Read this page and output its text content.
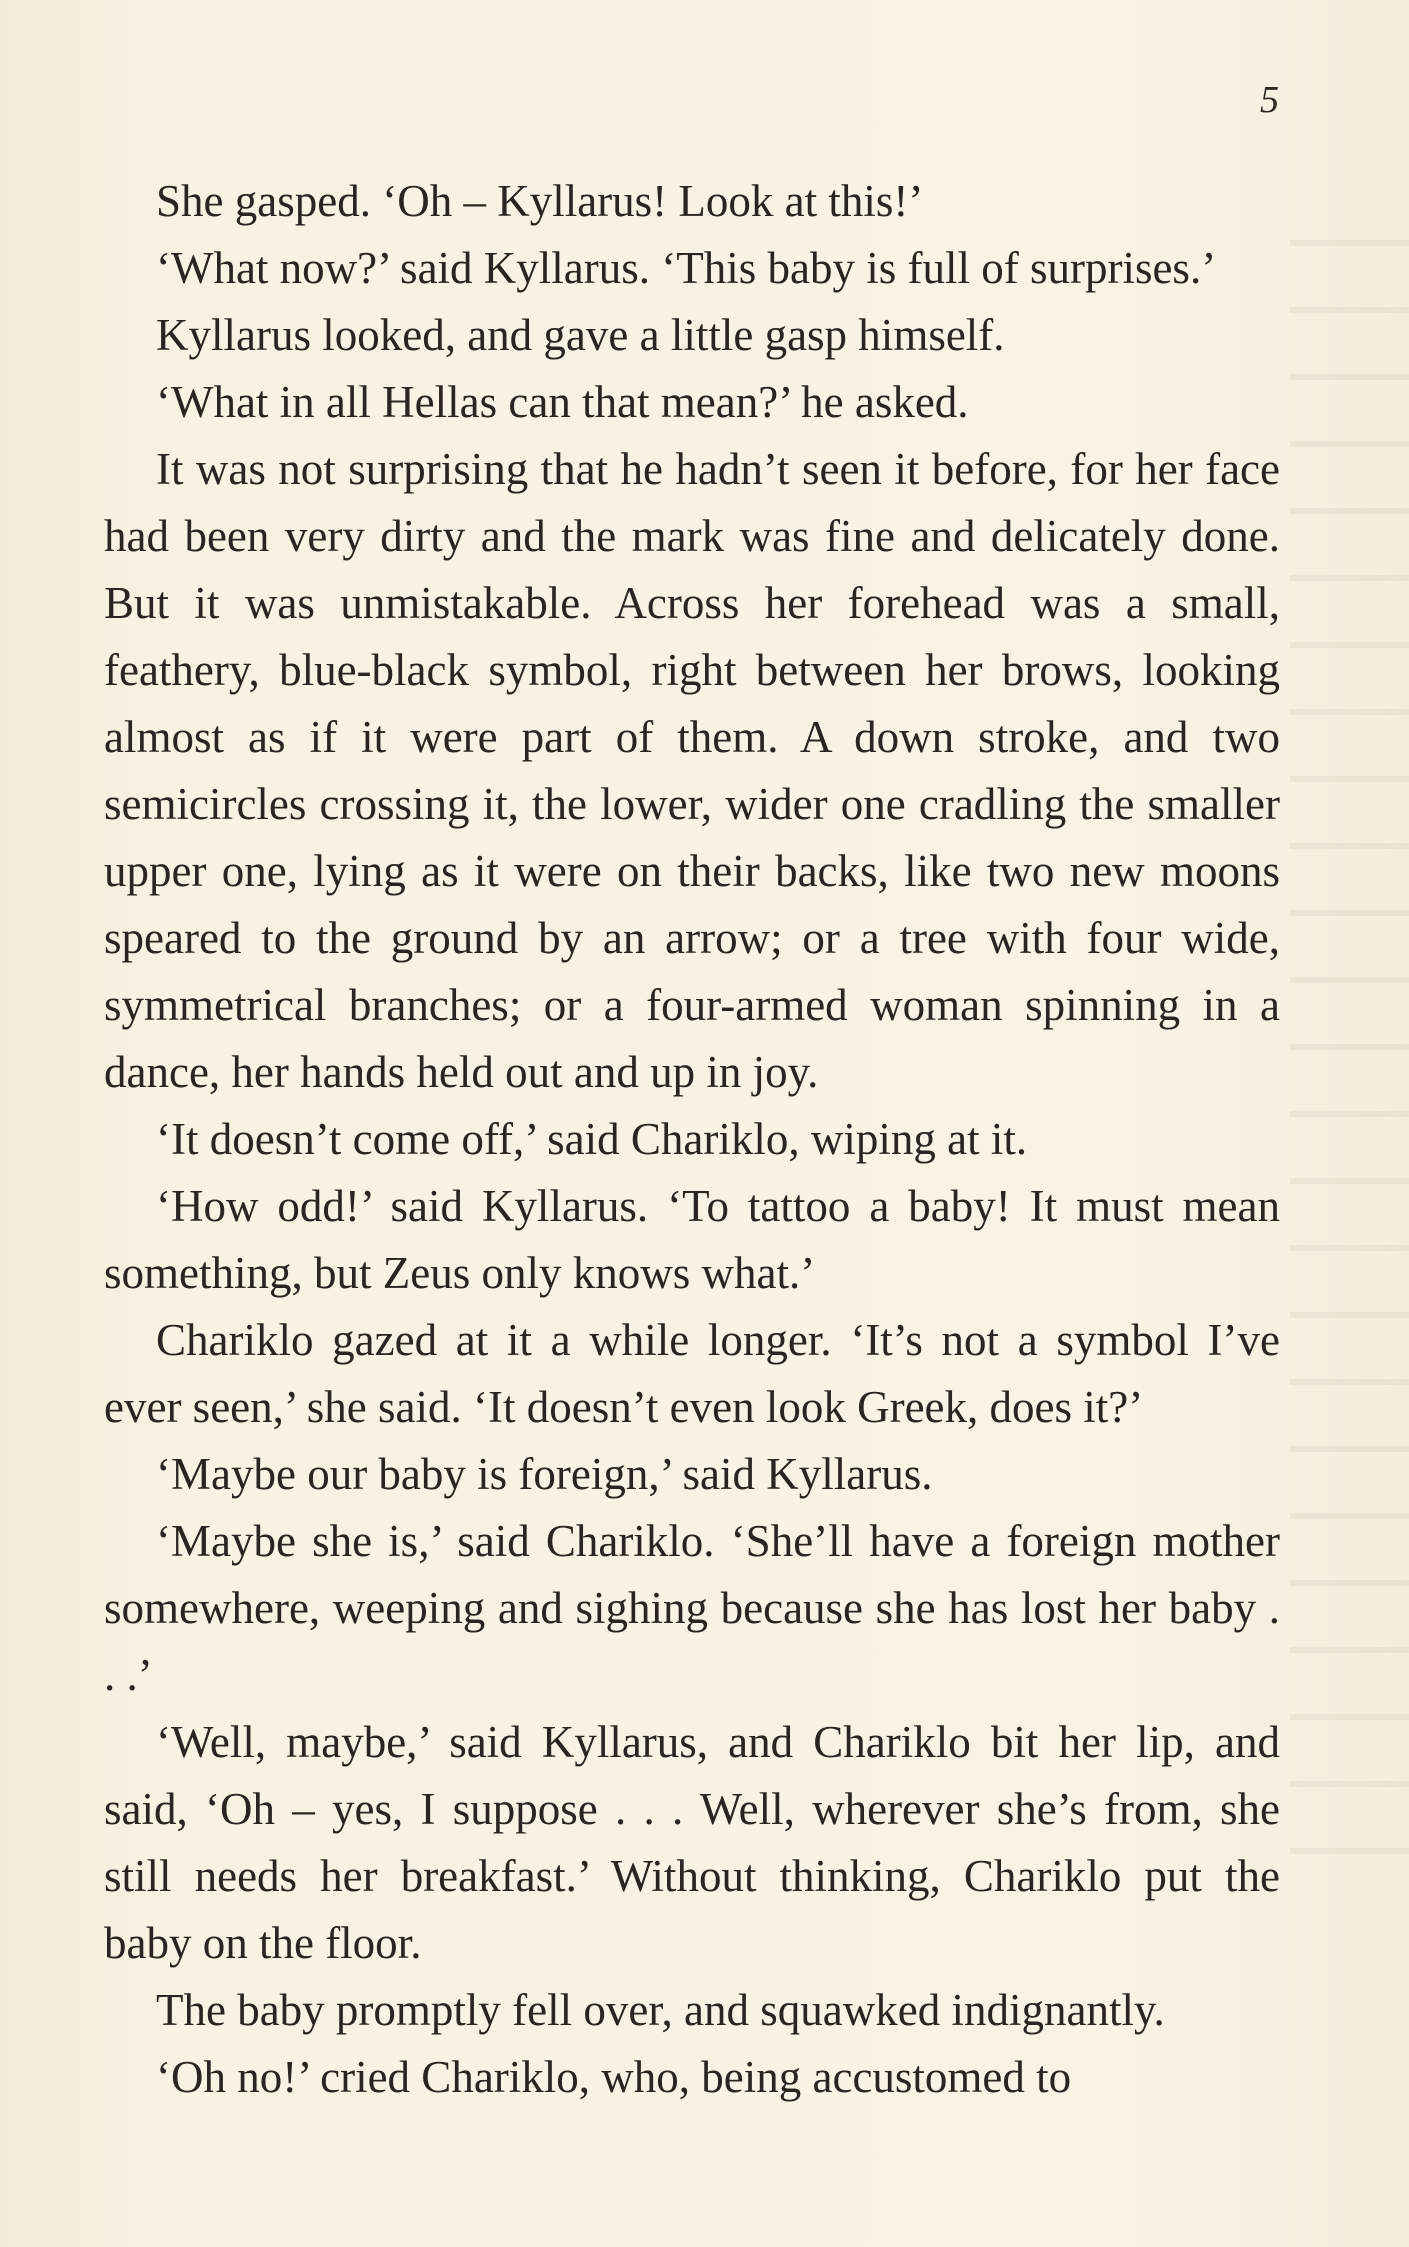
5

She gasped. ‘Oh – Kyllarus! Look at this!’

‘What now?’ said Kyllarus. ‘This baby is full of surprises.’

Kyllarus looked, and gave a little gasp himself.

‘What in all Hellas can that mean?’ he asked.

It was not surprising that he hadn’t seen it before, for her face had been very dirty and the mark was fine and delicately done. But it was unmistakable. Across her forehead was a small, feathery, blue-black symbol, right between her brows, looking almost as if it were part of them. A down stroke, and two semicircles crossing it, the lower, wider one cradling the smaller upper one, lying as it were on their backs, like two new moons speared to the ground by an arrow; or a tree with four wide, symmetrical branches; or a four-armed woman spinning in a dance, her hands held out and up in joy.

‘It doesn’t come off,’ said Chariklo, wiping at it.

‘How odd!’ said Kyllarus. ‘To tattoo a baby! It must mean something, but Zeus only knows what.’

Chariklo gazed at it a while longer. ‘It’s not a symbol I’ve ever seen,’ she said. ‘It doesn’t even look Greek, does it?’

‘Maybe our baby is foreign,’ said Kyllarus.

‘Maybe she is,’ said Chariklo. ‘She’ll have a foreign mother somewhere, weeping and sighing because she has lost her baby . . .’

‘Well, maybe,’ said Kyllarus, and Chariklo bit her lip, and said, ‘Oh – yes, I suppose . . . Well, wherever she’s from, she still needs her breakfast.’ Without thinking, Chariklo put the baby on the floor.

The baby promptly fell over, and squawked indignantly.

‘Oh no!’ cried Chariklo, who, being accustomed to
